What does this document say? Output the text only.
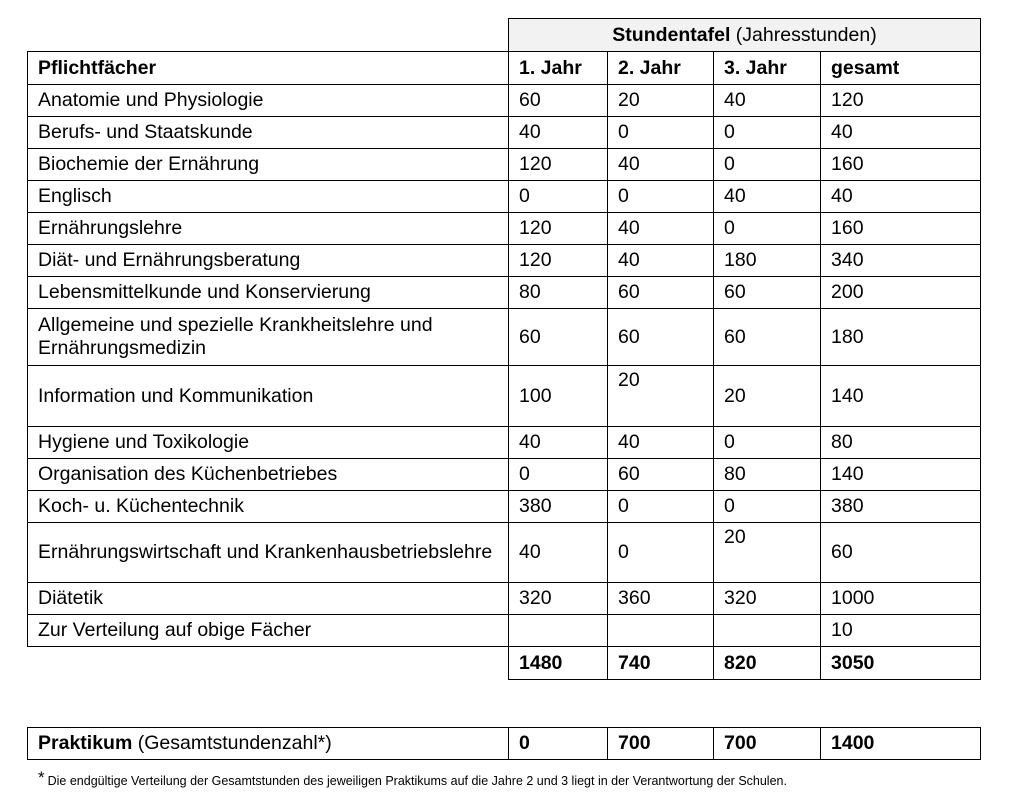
	Stundentafel (Jahresstunden)			
Pflichtfächer	1. Jahr	2. Jahr	3. Jahr	gesamt
Anatomie und Physiologie	60	20	40	120
Berufs- und Staatskunde	40	0	0	40
Biochemie der Ernährung	120	40	0	160
Englisch	0	0	40	40
Ernährungslehre	120	40	0	160
Diät- und Ernährungsberatung	120	40	180	340
Lebensmittelkunde und Konservierung	80	60	60	200
Allgemeine und spezielle Krankheitslehre und Ernährungsmedizin	60	60	60	180
Information und Kommunikation	100	20	20	140
Hygiene und Toxikologie	40	40	0	80
Organisation des Küchenbetriebes	0	60	80	140
Koch- u. Küchentechnik	380	0	0	380
Ernährungswirtschaft und Krankenhausbetriebslehre	40	0	20	60
Diätetik	320	360	320	1000
Zur Verteilung auf obige Fächer				10
	1480	740	820	3050
Praktikum (Gesamtstundenzahl*)	0	700	700	1400
* Die endgültige Verteilung der Gesamtstunden des jeweiligen Praktikums auf die Jahre 2 und 3 liegt in der Verantwortung der Schulen.
